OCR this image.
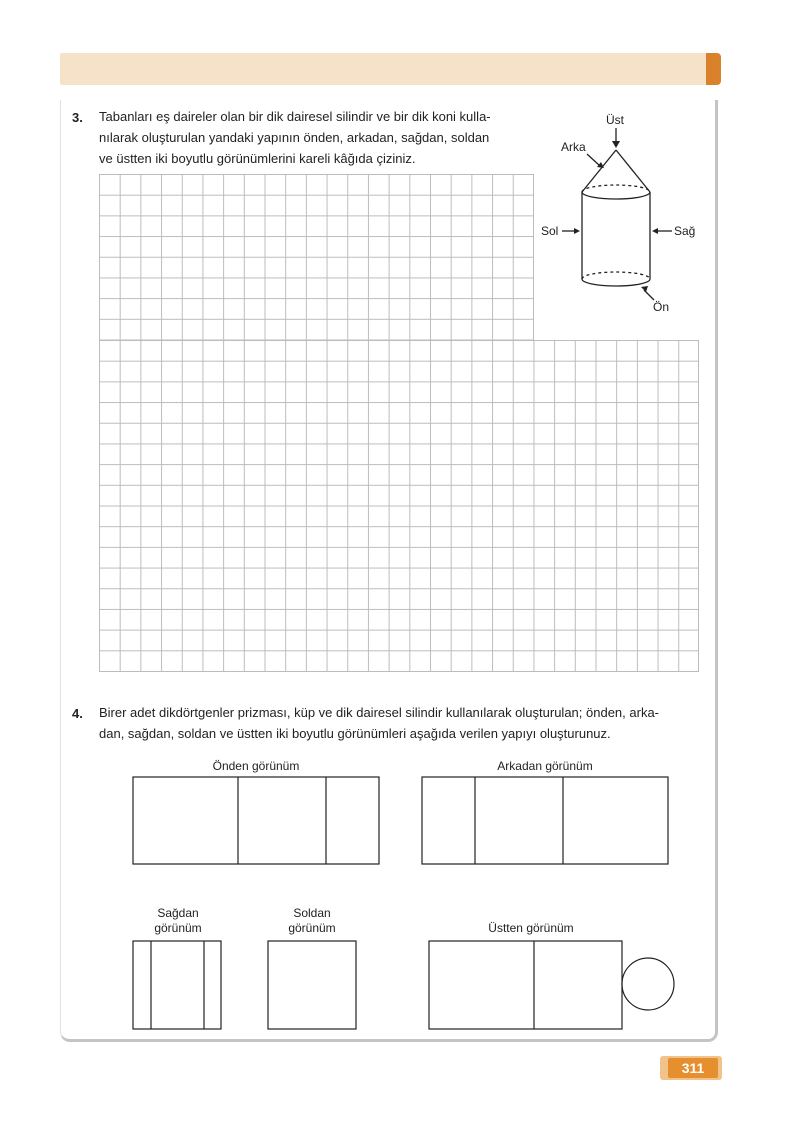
3. Tabanları eş daireler olan bir dik dairesel silindir ve bir dik koni kulla-

nılarak oluşturulan yandaki yapının önden, arkadan, sağdan, soldan

ve üstten iki boyutlu görünümlerini kareli kâğıda çiziniz.

Üst
Arka
Sol	Sağ
Ön
4. Birer adet dikdörtgenler prizması, küp ve dik dairesel silindir kullanılarak oluşturulan; önden, arka-

dan, sağdan, soldan ve üstten iki boyutlu görünümleri aşağıda verilen yapıyı oluşturunuz.

Önden görünüm	Arkadan görünüm
Sağdan
görünüm
Soldan
görünüm	Üstten görünüm
311
